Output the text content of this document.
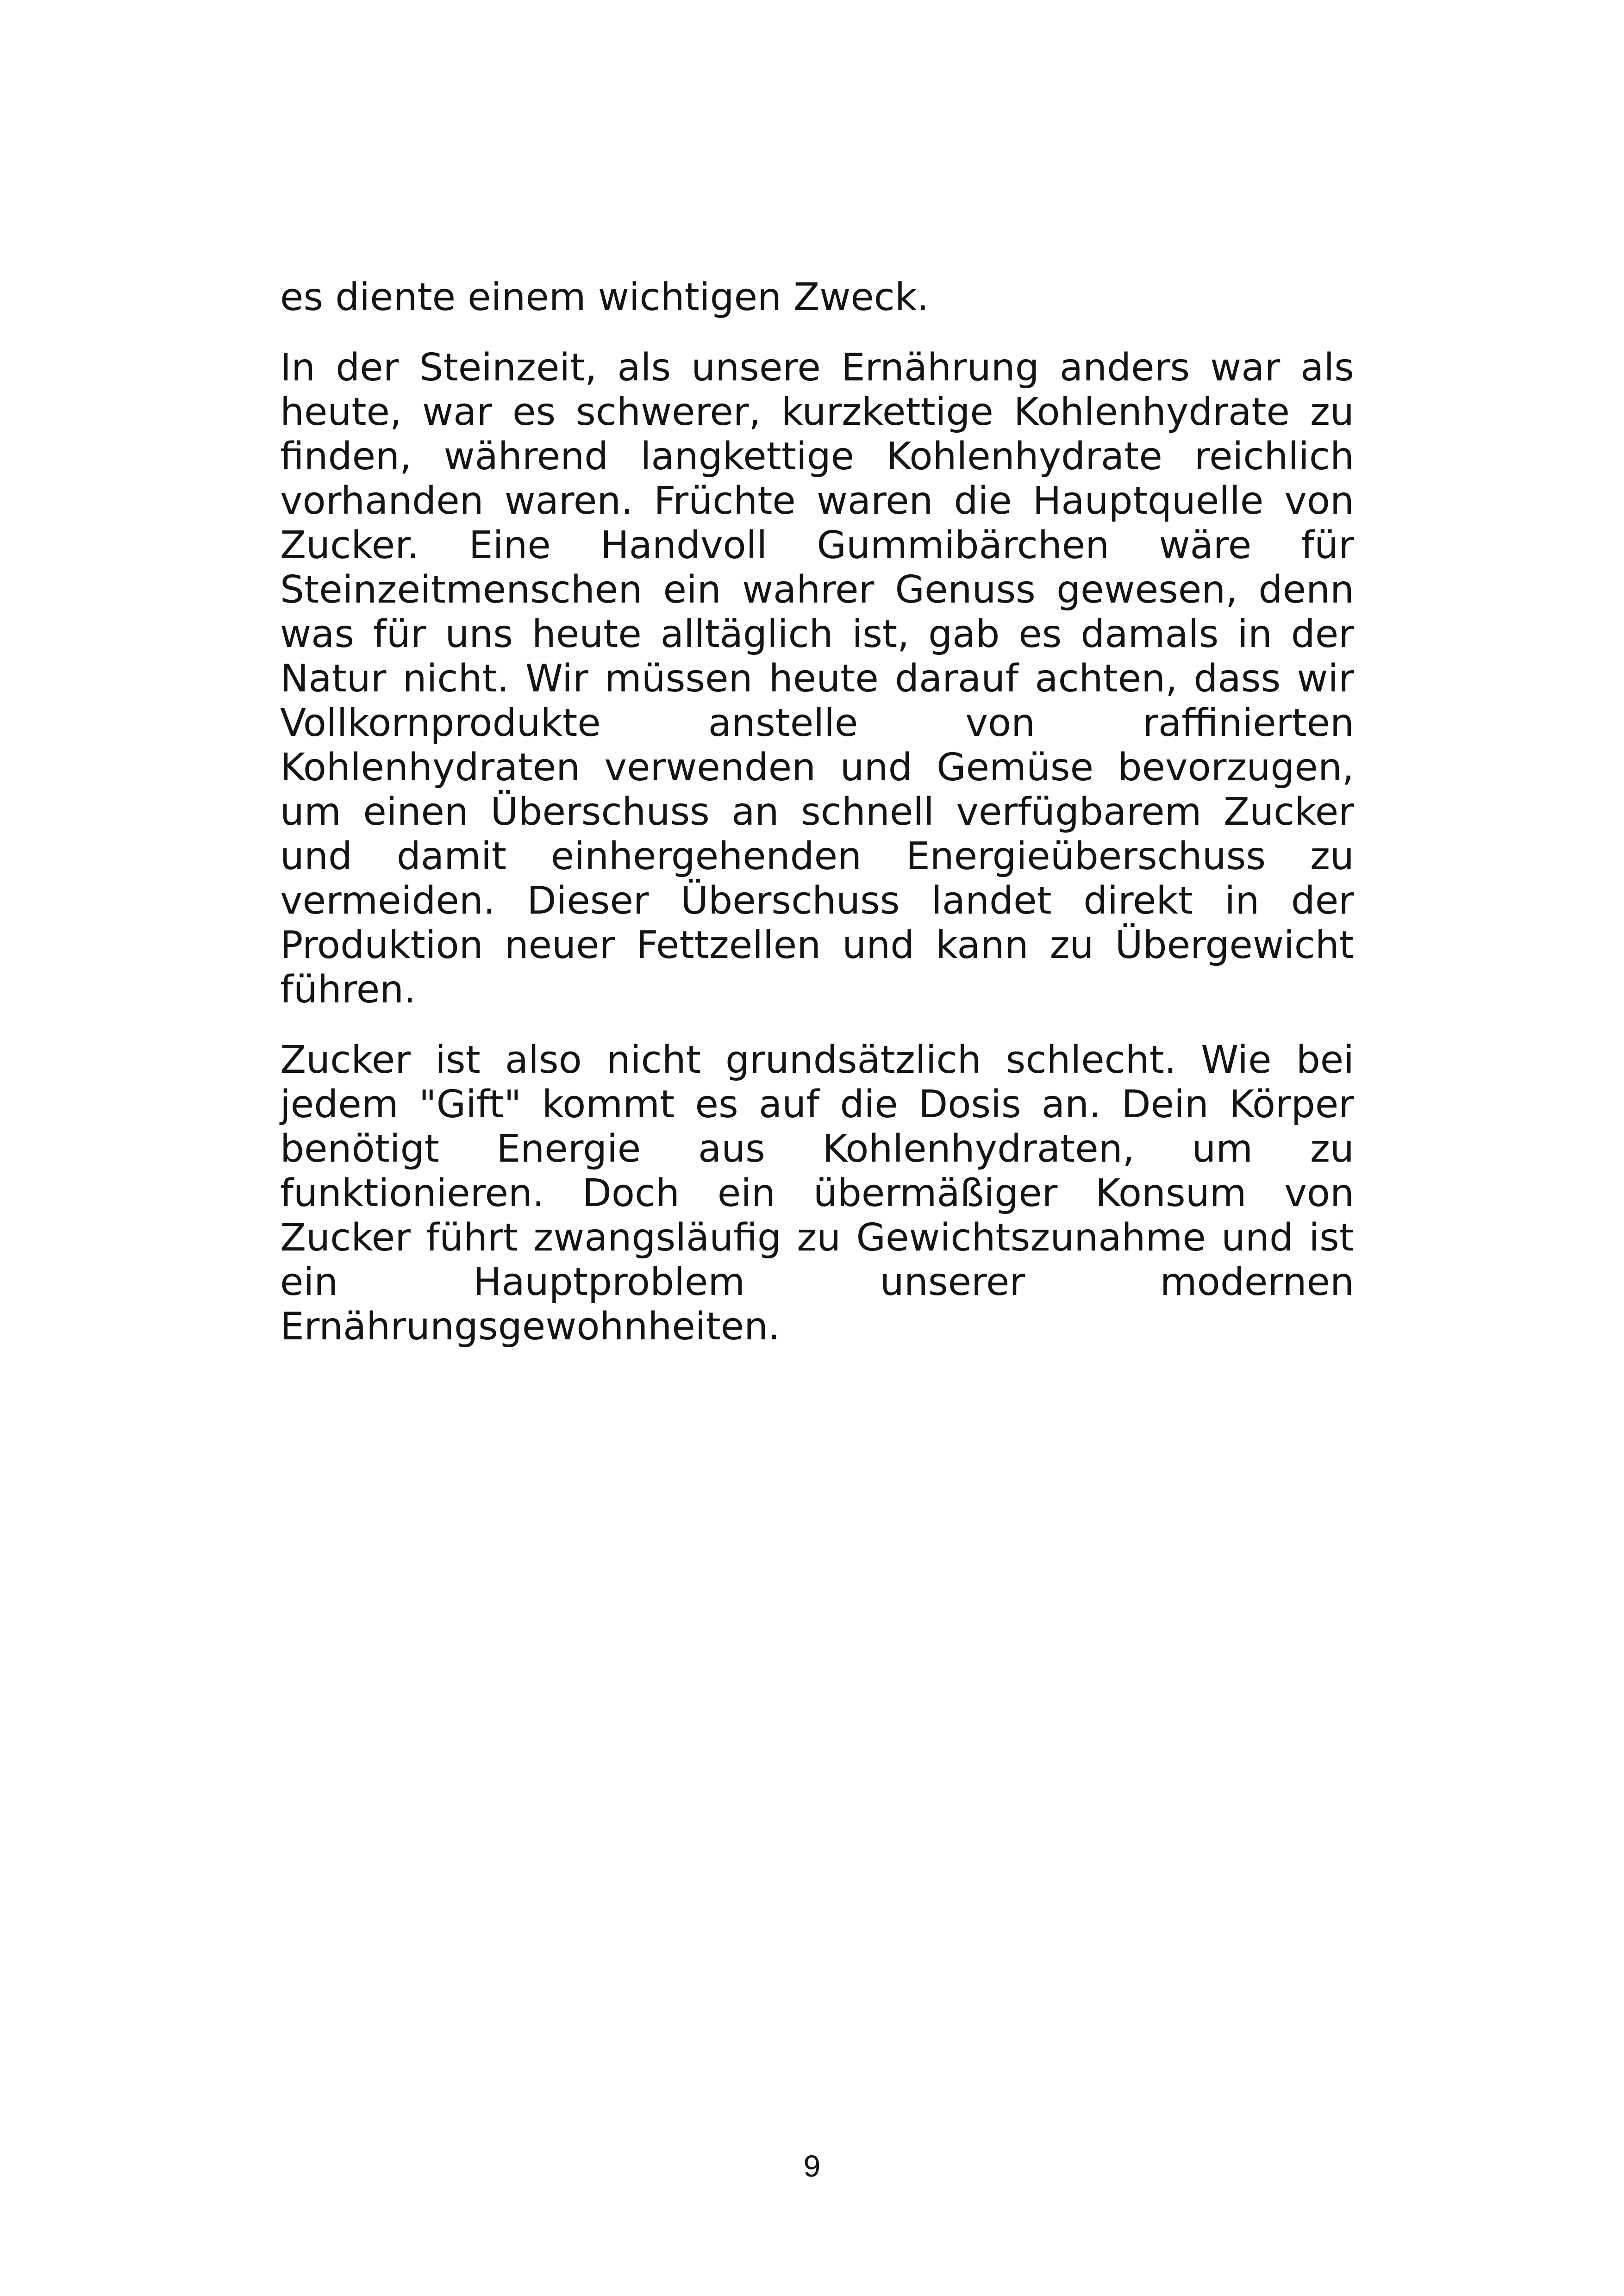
es diente einem wichtigen Zweck.

In der Steinzeit, als unsere Ernährung anders war als heute, war es schwerer, kurzkettige Kohlenhydrate zu finden, während langkettige Kohlenhydrate reichlich vorhanden waren. Früchte waren die Hauptquelle von Zucker. Eine Handvoll Gummibärchen wäre für Steinzeitmenschen ein wahrer Genuss gewesen, denn was für uns heute alltäglich ist, gab es damals in der Natur nicht. Wir müssen heute darauf achten, dass wir Vollkornprodukte anstelle von raffinierten Kohlenhydraten verwenden und Gemüse bevorzugen, um einen Überschuss an schnell verfügbarem Zucker und damit einhergehenden Energieüberschuss zu vermeiden. Dieser Überschuss landet direkt in der Produktion neuer Fettzellen und kann zu Übergewicht führen.

Zucker ist also nicht grundsätzlich schlecht. Wie bei jedem "Gift" kommt es auf die Dosis an. Dein Körper benötigt Energie aus Kohlenhydraten, um zu funktionieren. Doch ein übermäßiger Konsum von Zucker führt zwangsläufig zu Gewichtszunahme und ist ein Hauptproblem unserer modernen Ernährungsgewohnheiten.

9
